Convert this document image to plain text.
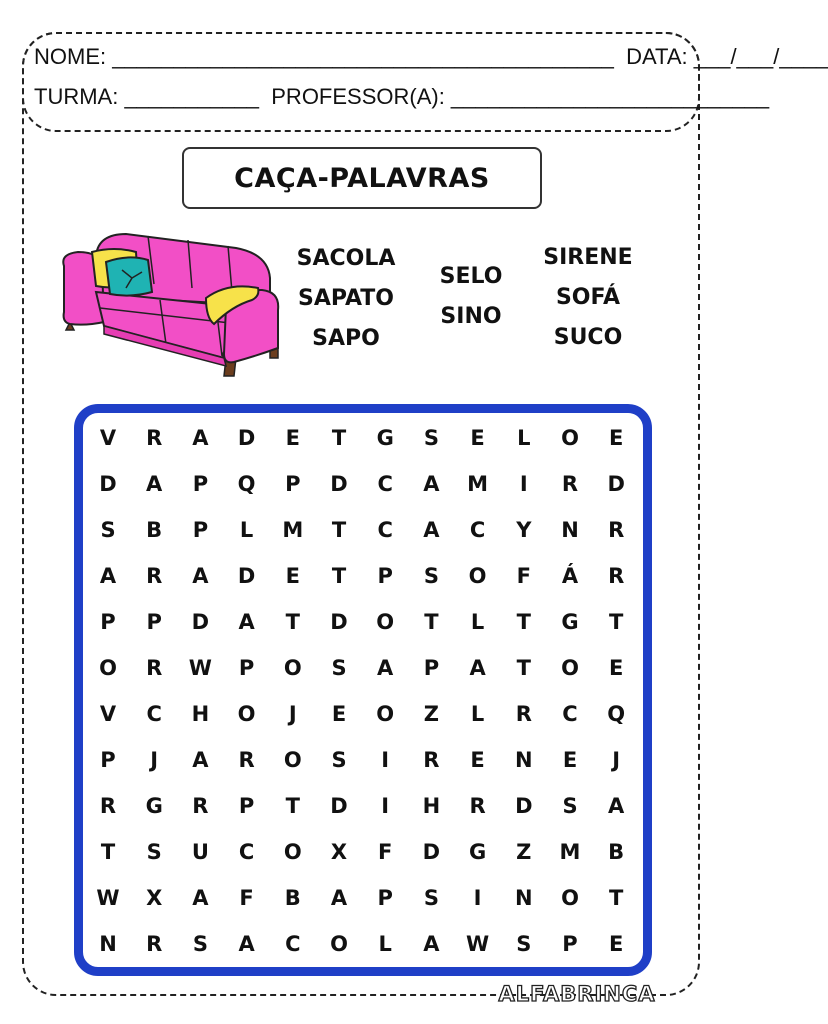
NOME: _________________________________________  DATA: ___/___/____
TURMA: ___________  PROFESSOR(A): __________________________
CAÇA-PALAVRAS
SACOLA
SAPATO
SAPO
SELO
SINO
SIRENE
SOFÁ
SUCO
V	R	A	D	E	T	G	S	E	L	O	E
D	A	P	Q	P	D	C	A	M	I	R	D
S	B	P	L	M	T	C	A	C	Y	N	R
A	R	A	D	E	T	P	S	O	F	Á	R
P	P	D	A	T	D	O	T	L	T	G	T
O	R	W	P	O	S	A	P	A	T	O	E
V	C	H	O	J	E	O	Z	L	R	C	Q
P	J	A	R	O	S	I	R	E	N	E	J
R	G	R	P	T	D	I	H	R	D	S	A
T	S	U	C	O	X	F	D	G	Z	M	B
W	X	A	F	B	A	P	S	I	N	O	T
N	R	S	A	C	O	L	A	W	S	P	E
ALFABRINCA
